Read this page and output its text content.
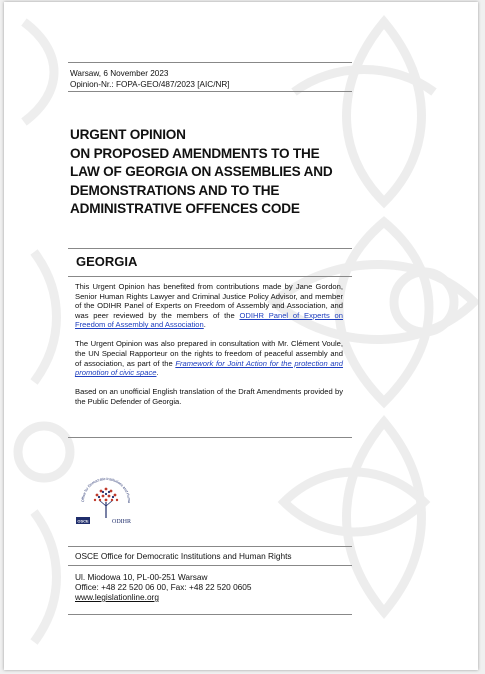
Warsaw, 6 November 2023
Opinion-Nr.: FOPA-GEO/487/2023 [AIC/NR]
URGENT OPINION
ON PROPOSED AMENDMENTS TO THE
LAW OF GEORGIA ON ASSEMBLIES AND
DEMONSTRATIONS AND TO THE
ADMINISTRATIVE OFFENCES CODE
GEORGIA

This Urgent Opinion has benefited from contributions made by Jane Gordon, Senior Human Rights Lawyer and Criminal Justice Policy Advisor, and member of the ODIHR Panel of Experts on Freedom of Assembly and Association, and was peer reviewed by the members of the ODIHR Panel of Experts on Freedom of Assembly and Association.

The Urgent Opinion was also prepared in consultation with Mr. Clément Voule, the UN Special Rapporteur on the rights to freedom of peaceful assembly and of association, as part of the Framework for Joint Action for the protection and promotion of civic space.

Based on an unofficial English translation of the Draft Amendments provided by the Public Defender of Georgia.

Office for Democratic Institutions and Huma
OSCE	ODIHR
OSCE Office for Democratic Institutions and Human Rights
Ul. Miodowa 10, PL-00-251 Warsaw
Office: +48 22 520 06 00, Fax: +48 22 520 0605
www.legislationline.org
